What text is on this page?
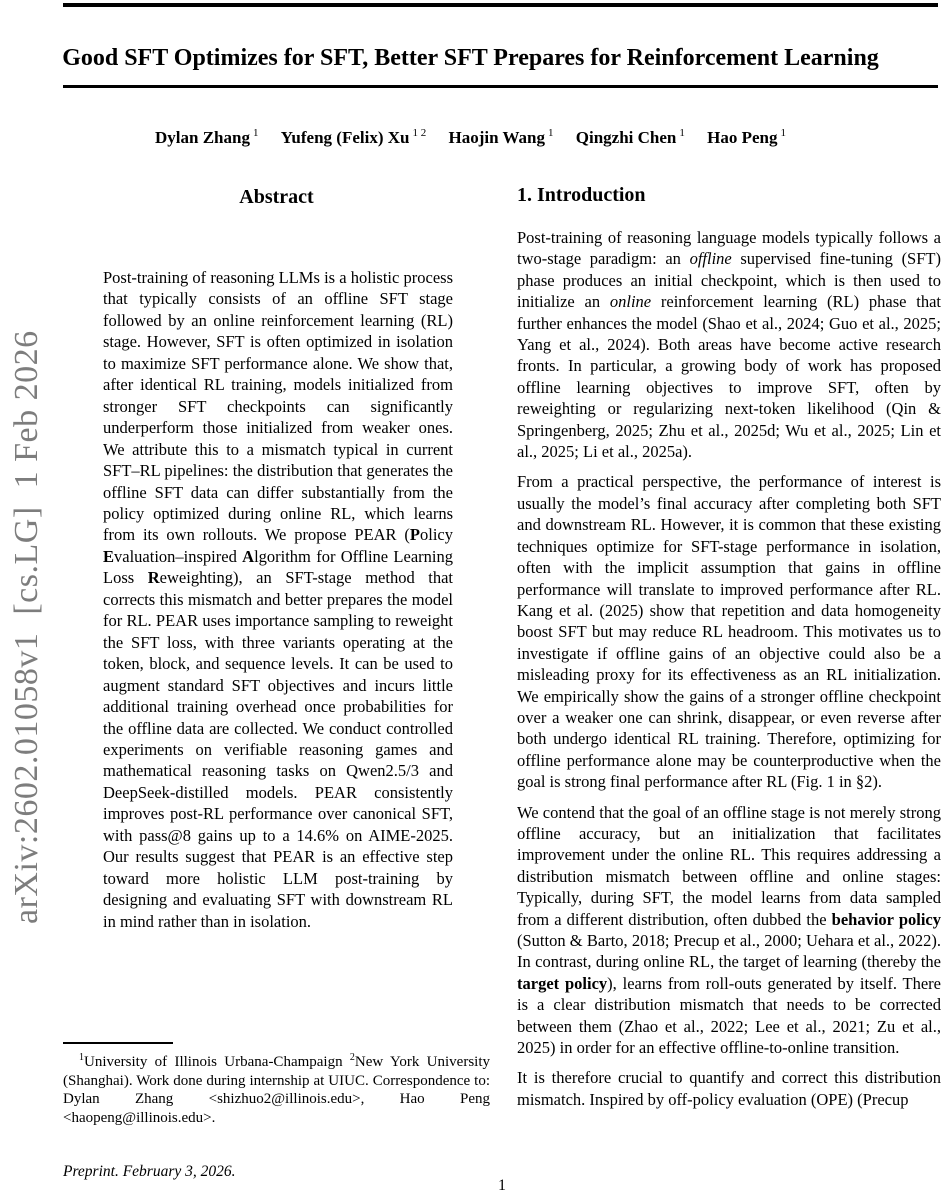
arXiv:2602.01058v1  [cs.LG]  1 Feb 2026
Good SFT Optimizes for SFT, Better SFT Prepares for Reinforcement Learning
Dylan Zhang $^1$ Yufeng (Felix) Xu $^{1 2}$ Haojin Wang $^1$ Qingzhi Chen $^1$ Hao Peng $^1$
Abstract
Post-training of reasoning LLMs is a holistic process that typically consists of an offline SFT stage followed by an online reinforcement learning (RL) stage. However, SFT is often optimized in isolation to maximize SFT performance alone. We show that, after identical RL training, models initialized from stronger SFT checkpoints can significantly underperform those initialized from weaker ones. We attribute this to a mismatch typical in current SFT–RL pipelines: the distribution that generates the offline SFT data can differ substantially from the policy optimized during online RL, which learns from its own rollouts. We propose PEAR (Policy Evaluation–inspired Algorithm for Offline Learning Loss Reweighting), an SFT-stage method that corrects this mismatch and better prepares the model for RL. PEAR uses importance sampling to reweight the SFT loss, with three variants operating at the token, block, and sequence levels. It can be used to augment standard SFT objectives and incurs little additional training overhead once probabilities for the offline data are collected. We conduct controlled experiments on verifiable reasoning games and mathematical reasoning tasks on Qwen2.5/3 and DeepSeek-distilled models. PEAR consistently improves post-RL performance over canonical SFT, with pass@8 gains up to a 14.6% on AIME-2025. Our results suggest that PEAR is an effective step toward more holistic LLM post-training by designing and evaluating SFT with downstream RL in mind rather than in isolation.
1. Introduction

Post-training of reasoning language models typically follows a two-stage paradigm: an offline supervised fine-tuning (SFT) phase produces an initial checkpoint, which is then used to initialize an online reinforcement learning (RL) phase that further enhances the model (Shao et al., 2024; Guo et al., 2025; Yang et al., 2024). Both areas have become active research fronts. In particular, a growing body of work has proposed offline learning objectives to improve SFT, often by reweighting or regularizing next-token likelihood (Qin & Springenberg, 2025; Zhu et al., 2025d; Wu et al., 2025; Lin et al., 2025; Li et al., 2025a).

From a practical perspective, the performance of interest is usually the model’s final accuracy after completing both SFT and downstream RL. However, it is common that these existing techniques optimize for SFT-stage performance in isolation, often with the implicit assumption that gains in offline performance will translate to improved performance after RL. Kang et al. (2025) show that repetition and data homogeneity boost SFT but may reduce RL headroom. This motivates us to investigate if offline gains of an objective could also be a misleading proxy for its effectiveness as an RL initialization. We empirically show the gains of a stronger offline checkpoint over a weaker one can shrink, disappear, or even reverse after both undergo identical RL training. Therefore, optimizing for offline performance alone may be counterproductive when the goal is strong final performance after RL (Fig. 1 in §2).

We contend that the goal of an offline stage is not merely strong offline accuracy, but an initialization that facilitates improvement under the online RL. This requires addressing a distribution mismatch between offline and online stages: Typically, during SFT, the model learns from data sampled from a different distribution, often dubbed the behavior policy (Sutton & Barto, 2018; Precup et al., 2000; Uehara et al., 2022). In contrast, during online RL, the target of learning (thereby the target policy), learns from roll-outs generated by itself. There is a clear distribution mismatch that needs to be corrected between them (Zhao et al., 2022; Lee et al., 2021; Zu et al., 2025) in order for an effective offline-to-online transition.

It is therefore crucial to quantify and correct this distribution mismatch. Inspired by off-policy evaluation (OPE) (Precup

$^1$University of Illinois Urbana-Champaign $^2$New York University (Shanghai). Work done during internship at UIUC. Correspondence to: Dylan Zhang <shizhuo2@illinois.edu>, Hao Peng <haopeng@illinois.edu>.
Preprint. February 3, 2026.
1
